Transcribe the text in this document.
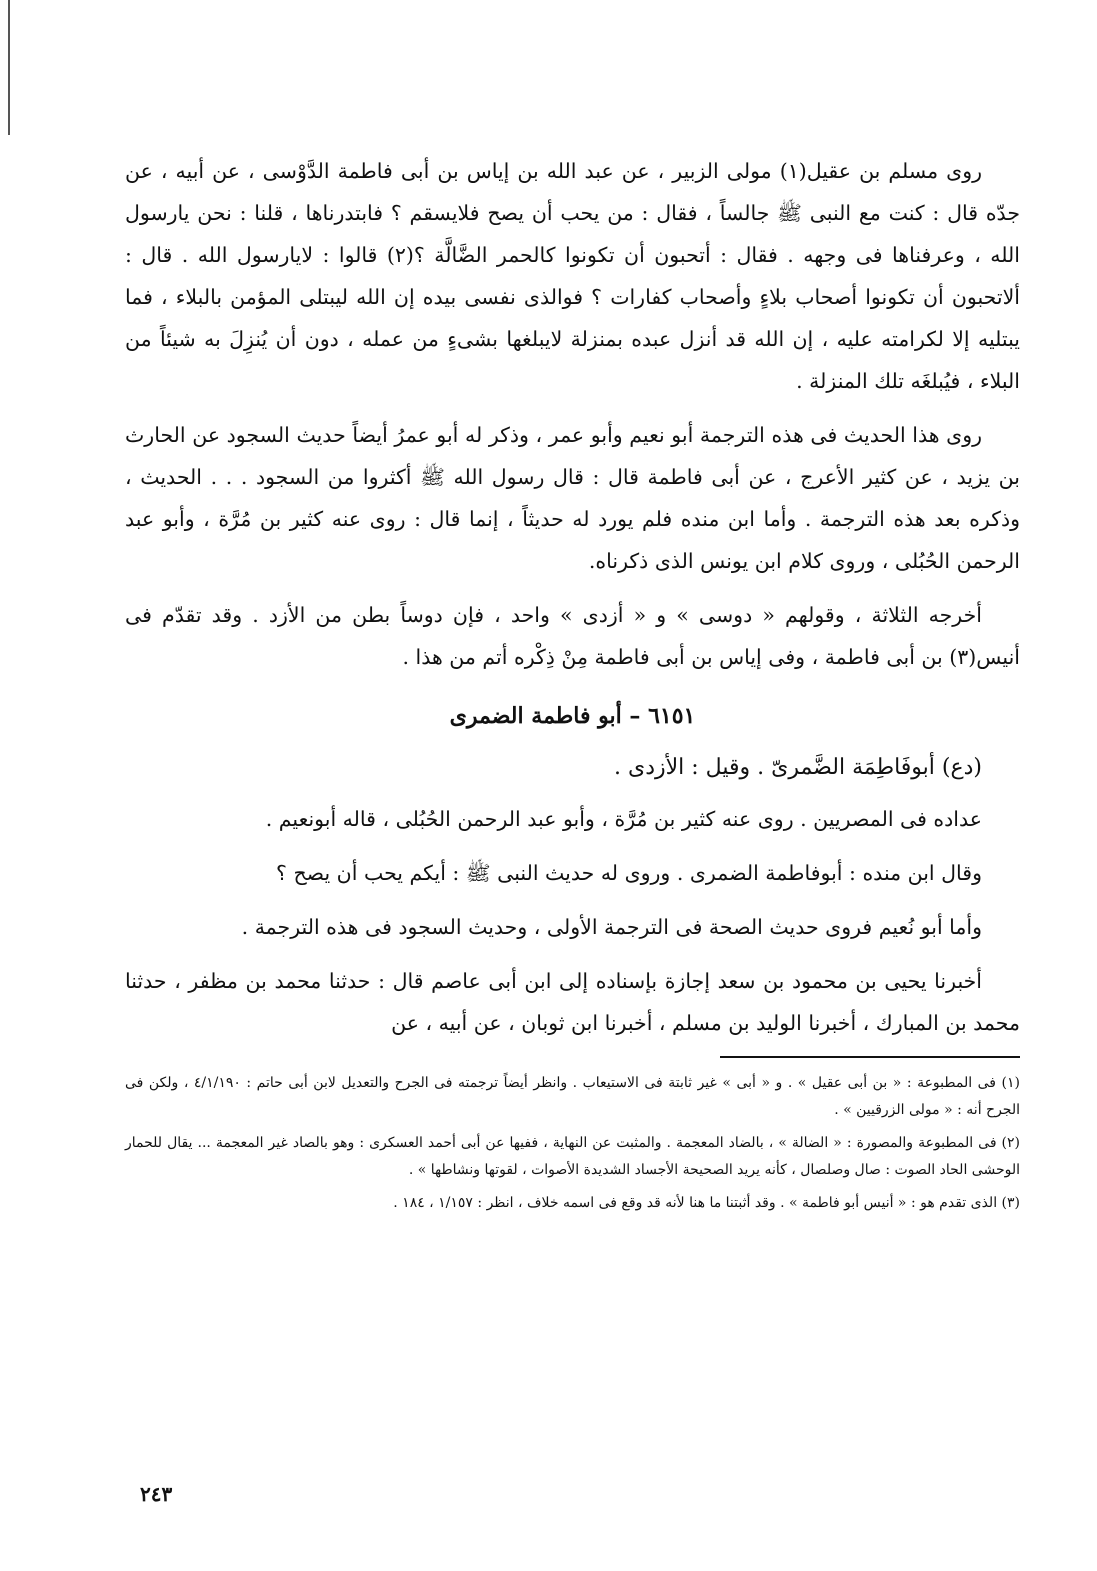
روى مسلم بن عقيل(١) مولى الزبير ، عن عبد الله بن إياس بن أبى فاطمة الدَّوْسى ، عن أبيه ، عن جدّه قال : كنت مع النبى ﷺ جالساً ، فقال : من يحب أن يصح فلايسقم ؟ فابتدرناها ، قلنا : نحن يارسول الله ، وعرفناها فى وجهه . فقال : أتحبون أن تكونوا كالحمر الضَّالَّة ؟(٢) قالوا : لايارسول الله . قال : ألاتحبون أن تكونوا أصحاب بلاءٍ وأصحاب كفارات ؟ فوالذى نفسى بيده إن الله ليبتلى المؤمن بالبلاء ، فما يبتليه إلا لكرامته عليه ، إن الله قد أنزل عبده بمنزلة لايبلغها بشىءٍ من عمله ، دون أن يُنزِلَ به شيئاً من البلاء ، فيُبلغَه تلك المنزلة .

روى هذا الحديث فى هذه الترجمة أبو نعيم وأبو عمر ، وذكر له أبو عمرُ أيضاً حديث السجود عن الحارث بن يزيد ، عن كثير الأعرج ، عن أبى فاطمة قال : قال رسول الله ﷺ أكثروا من السجود . . . الحديث ، وذكره بعد هذه الترجمة . وأما ابن منده فلم يورد له حديثاً ، إنما قال : روى عنه كثير بن مُرَّة ، وأبو عبد الرحمن الحُبُلى ، وروى كلام ابن يونس الذى ذكرناه.

أخرجه الثلاثة ، وقولهم « دوسى » و « أزدى » واحد ، فإن دوساً بطن من الأزد . وقد تقدّم فى أنيس(٣) بن أبى فاطمة ، وفى إياس بن أبى فاطمة مِنْ ذِكْره أتم من هذا .

٦١٥١ – أبو فاطمة الضمرى

(دع) أبوفَاطِمَة الضَّمرىّ . وقيل : الأزدى .

عداده فى المصريين . روى عنه كثير بن مُرَّة ، وأبو عبد الرحمن الحُبُلى ، قاله أبونعيم .

وقال ابن منده : أبوفاطمة الضمرى . وروى له حديث النبى ﷺ : أيكم يحب أن يصح ؟

وأما أبو نُعيم فروى حديث الصحة فى الترجمة الأولى ، وحديث السجود فى هذه الترجمة .

أخبرنا يحيى بن محمود بن سعد إجازة بإسناده إلى ابن أبى عاصم قال : حدثنا محمد بن مظفر ، حدثنا محمد بن المبارك ، أخبرنا الوليد بن مسلم ، أخبرنا ابن ثوبان ، عن أبيه ، عن

(١) فى المطبوعة : « بن أبى عقيل » . و « أبى » غير ثابتة فى الاستيعاب . وانظر أيضاً ترجمته فى الجرح والتعديل لابن أبى حاتم : ٤/١/١٩٠ ، ولكن فى الجرح أنه : « مولى الزرقيين » .

(٢) فى المطبوعة والمصورة : « الضالة » ، بالضاد المعجمة . والمثبت عن النهاية ، ففيها عن أبى أحمد العسكرى : وهو بالصاد غير المعجمة ... يقال للحمار الوحشى الحاد الصوت : صال وصلصال ، كأنه يريد الصحيحة الأجساد الشديدة الأصوات ، لقوتها ونشاطها » .

(٣) الذى تقدم هو : « أنيس أبو فاطمة » . وقد أثبتنا ما هنا لأنه قد وقع فى اسمه خلاف ، انظر : ١/١٥٧ ، ١٨٤ .

٢٤٣
